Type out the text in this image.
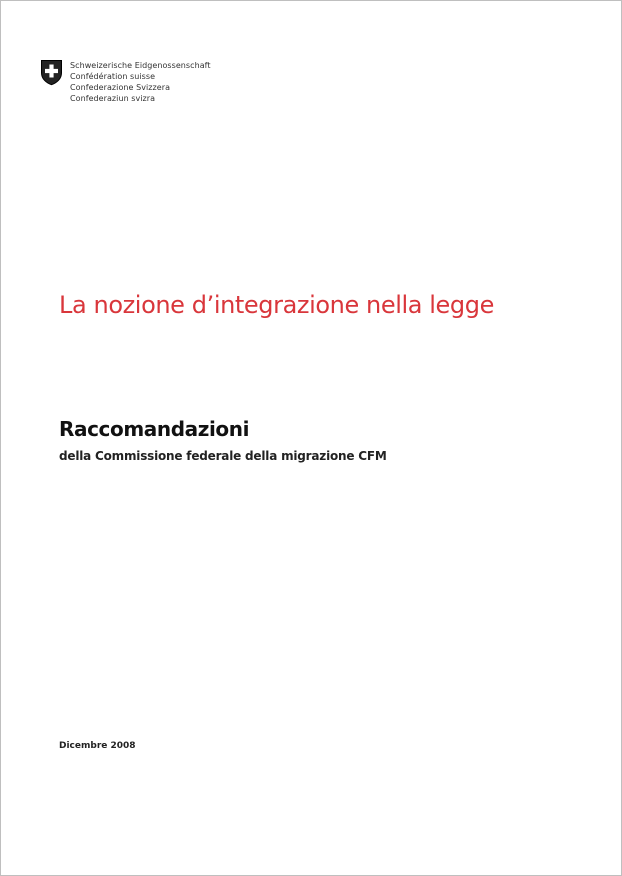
Schweizerische Eidgenossenschaft
Confédération suisse
Confederazione Svizzera
Confederaziun svizra
La nozione d’integrazione nella legge
Raccomandazioni

della Commissione federale della migrazione CFM

Dicembre 2008
